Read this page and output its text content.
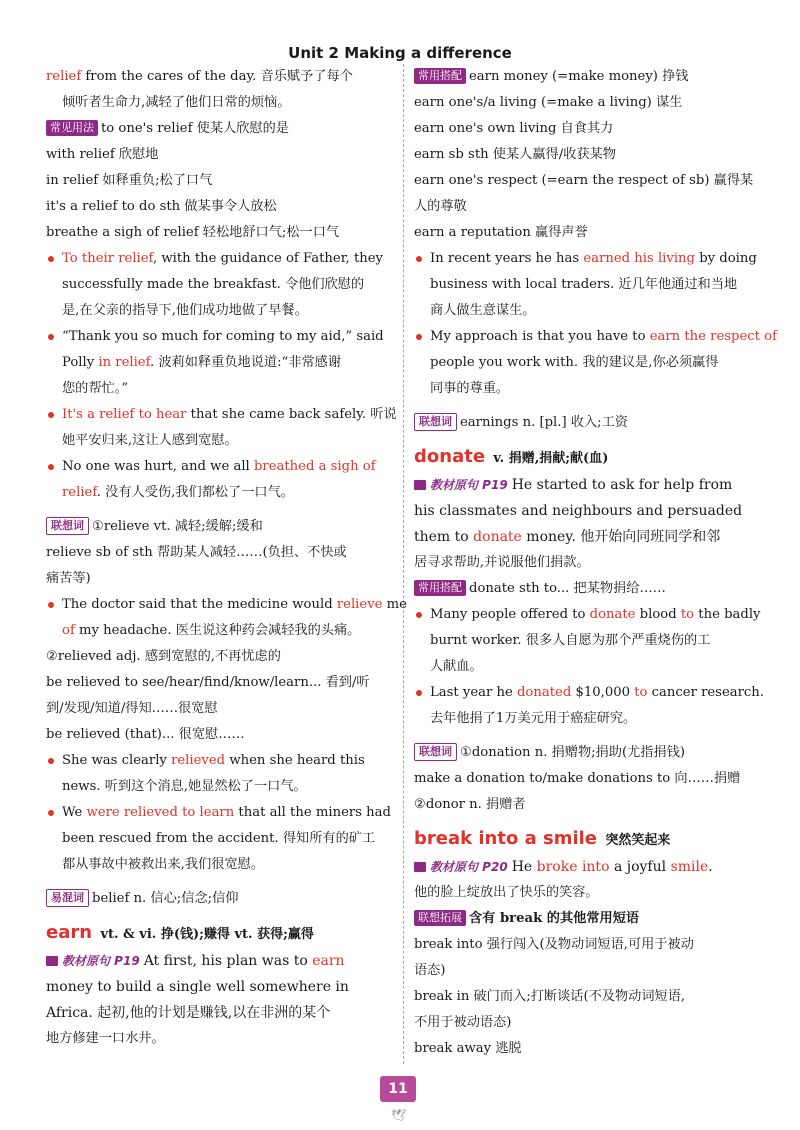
Unit 2 Making a difference
relief from the cares of the day. 音乐赋予了每个
倾听者生命力,减轻了他们日常的烦恼。
常见用法 to one's relief 使某人欣慰的是
with relief 欣慰地
in relief 如释重负;松了口气
it's a relief to do sth 做某事令人放松
breathe a sigh of relief 轻松地舒口气;松一口气
To their relief, with the guidance of Father, they
successfully made the breakfast. 令他们欣慰的
是,在父亲的指导下,他们成功地做了早餐。
“Thank you so much for coming to my aid,” said
Polly in relief. 波莉如释重负地说道:“非常感谢
您的帮忙。”
It's a relief to hear that she came back safely. 听说
她平安归来,这让人感到宽慰。
No one was hurt, and we all breathed a sigh of
relief. 没有人受伤,我们都松了一口气。
联想词 ①relieve vt. 减轻;缓解;缓和
relieve sb of sth 帮助某人减轻……(负担、不快或
痛苦等)
The doctor said that the medicine would relieve me
of my headache. 医生说这种药会减轻我的头痛。
②relieved adj. 感到宽慰的,不再忧虑的
be relieved to see/hear/find/know/learn... 看到/听
到/发现/知道/得知……很宽慰
be relieved (that)... 很宽慰……
She was clearly relieved when she heard this
news. 听到这个消息,她显然松了一口气。
We were relieved to learn that all the miners had
been rescued from the accident. 得知所有的矿工
都从事故中被救出来,我们很宽慰。
易混词 belief n. 信心;信念;信仰
earn vt. & vi. 挣(钱);赚得 vt. 获得;赢得
教材原句 P19 At first, his plan was to earn
money to build a single well somewhere in
Africa. 起初,他的计划是赚钱,以在非洲的某个
地方修建一口水井。
常用搭配 earn money (=make money) 挣钱
earn one's/a living (=make a living) 谋生
earn one's own living 自食其力
earn sb sth 使某人赢得/收获某物
earn one's respect (=earn the respect of sb) 赢得某
人的尊敬
earn a reputation 赢得声誉
In recent years he has earned his living by doing
business with local traders. 近几年他通过和当地
商人做生意谋生。
My approach is that you have to earn the respect of
people you work with. 我的建议是,你必须赢得
同事的尊重。
联想词 earnings n. [pl.] 收入;工资
donate v. 捐赠,捐献;献(血)
教材原句 P19 He started to ask for help from
his classmates and neighbours and persuaded
them to donate money. 他开始向同班同学和邻
居寻求帮助,并说服他们捐款。
常用搭配 donate sth to... 把某物捐给……
Many people offered to donate blood to the badly
burnt worker. 很多人自愿为那个严重烧伤的工
人献血。
Last year he donated $10,000 to cancer research.
去年他捐了1万美元用于癌症研究。
联想词 ①donation n. 捐赠物;捐助(尤指捐钱)
make a donation to/make donations to 向……捐赠
②donor n. 捐赠者
break into a smile 突然笑起来
教材原句 P20 He broke into a joyful smile.
他的脸上绽放出了快乐的笑容。
联想拓展 含有 break 的其他常用短语
break into 强行闯入(及物动词短语,可用于被动
语态)
break in 破门而入;打断谈话(不及物动词短语,
不用于被动语态)
break away 逃脱
11
🕊
